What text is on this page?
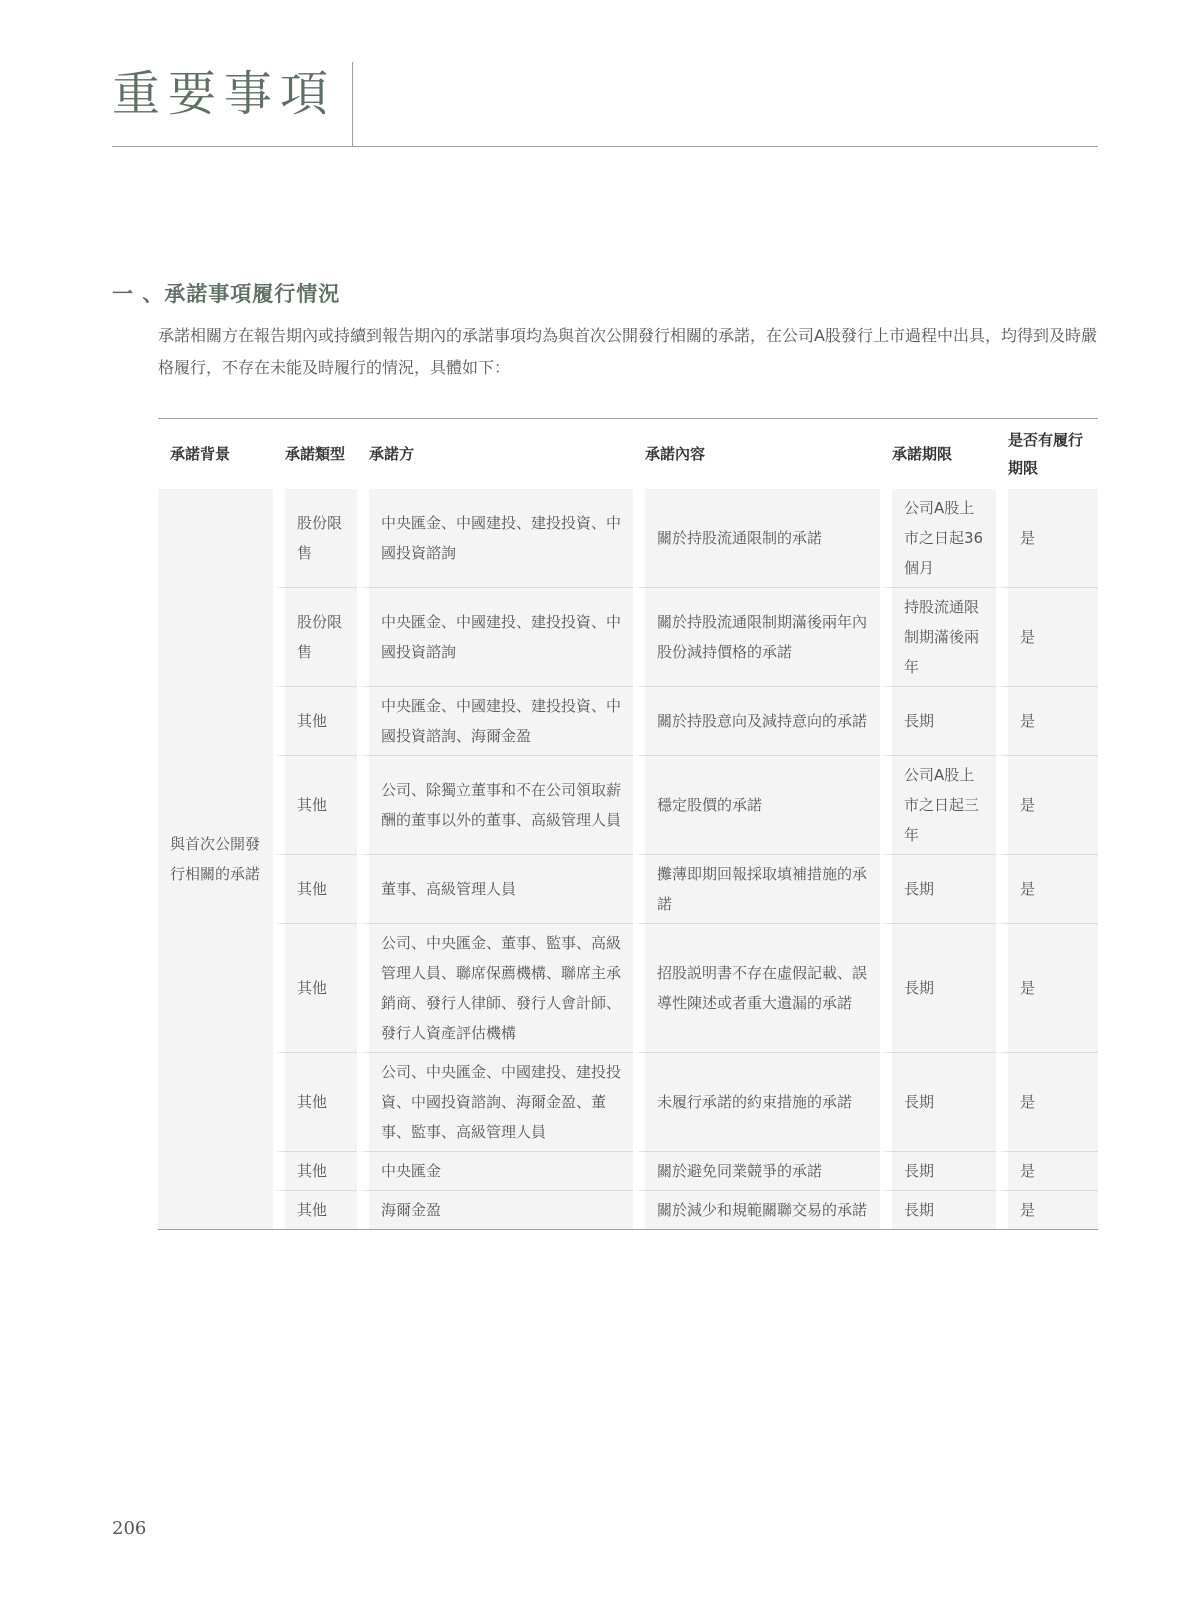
重要事項
一 、承諾事項履行情況
承諾相關方在報告期內或持續到報告期內的承諾事項均為與首次公開發行相關的承諾，在公司A股發行上市過程中出具，均得到及時嚴格履行，不存在未能及時履行的情況，具體如下：
承諾背景	承諾類型	承諾方	承諾內容	承諾期限	是否有履行期限
與首次公開發行相關的承諾	股份限售	中央匯金、中國建投、建投投資、中國投資諮詢	關於持股流通限制的承諾	公司A股上市之日起36個月	是
	股份限售	中央匯金、中國建投、建投投資、中國投資諮詢	關於持股流通限制期滿後兩年內股份減持價格的承諾	持股流通限制期滿後兩年	是
	其他	中央匯金、中國建投、建投投資、中國投資諮詢、海爾金盈	關於持股意向及減持意向的承諾	長期	是
	其他	公司、除獨立董事和不在公司領取薪酬的董事以外的董事、高級管理人員	穩定股價的承諾	公司A股上市之日起三年	是
	其他	董事、高級管理人員	攤薄即期回報採取填補措施的承諾	長期	是
	其他	公司、中央匯金、董事、監事、高級管理人員、聯席保薦機構、聯席主承銷商、發行人律師、發行人會計師、發行人資產評估機構	招股説明書不存在虛假記載、誤導性陳述或者重大遺漏的承諾	長期	是
	其他	公司、中央匯金、中國建投、建投投資、中國投資諮詢、海爾金盈、董事、監事、高級管理人員	未履行承諾的約束措施的承諾	長期	是
	其他	中央匯金	關於避免同業競爭的承諾	長期	是
	其他	海爾金盈	關於減少和規範關聯交易的承諾	長期	是
206
